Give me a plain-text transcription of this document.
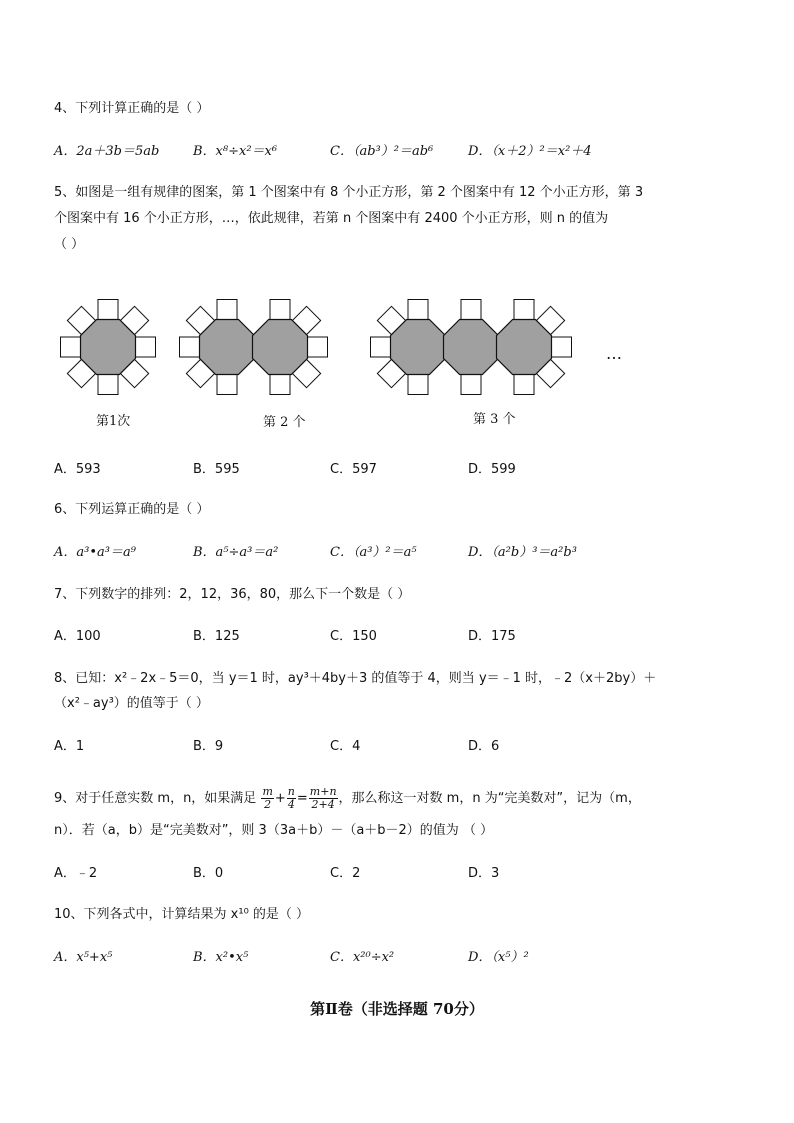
4、下列计算正确的是（ ）
A．2a＋3b＝5ab	B．x⁸÷x²＝x⁶	C．（ab³）²＝ab⁶	D．（x＋2）²＝x²＋4
5、如图是一组有规律的图案，第 1 个图案中有 8 个小正方形，第 2 个图案中有 12 个小正方形，第 3
个图案中有 16 个小正方形，…，依此规律，若第 n 个图案中有 2400 个小正方形，则 n 的值为
（ ）
第1次	第 2 个	第 3 个
…
A．593	B．595	C．597	D．599
6、下列运算正确的是（ ）
A．a³•a³＝a⁹	B．a⁵÷a³＝a²	C．（a³）²＝a⁵	D．（a²b）³＝a²b³
7、下列数字的排列：2，12，36，80，那么下一个数是（ ）
A．100	B．125	C．150	D．175
8、已知：x²﹣2x﹣5＝0，当 y＝1 时，ay³＋4by＋3 的值等于 4，则当 y＝﹣1 时，﹣2（x＋2by）＋
（x²﹣ay³）的值等于（ ）
A．1	B．9	C．4	D．6
9、对于任意实数 m，n，如果满足 $\frac{m}{2} + \frac{n}{4} = \frac{m+n}{2+4}$ ，那么称这一对数 m，n 为“完美数对”，记为（m，
n）．若（a，b）是“完美数对”，则 3（3a＋b）－（a＋b－2）的值为 （ ）
A．﹣2	B．0	C．2	D．3
10、下列各式中，计算结果为 x¹⁰ 的是（ ）
A．x⁵+x⁵	B．x²•x⁵	C．x²⁰÷x²	D．（x⁵）²
第Ⅱ卷（非选择题 70分）
